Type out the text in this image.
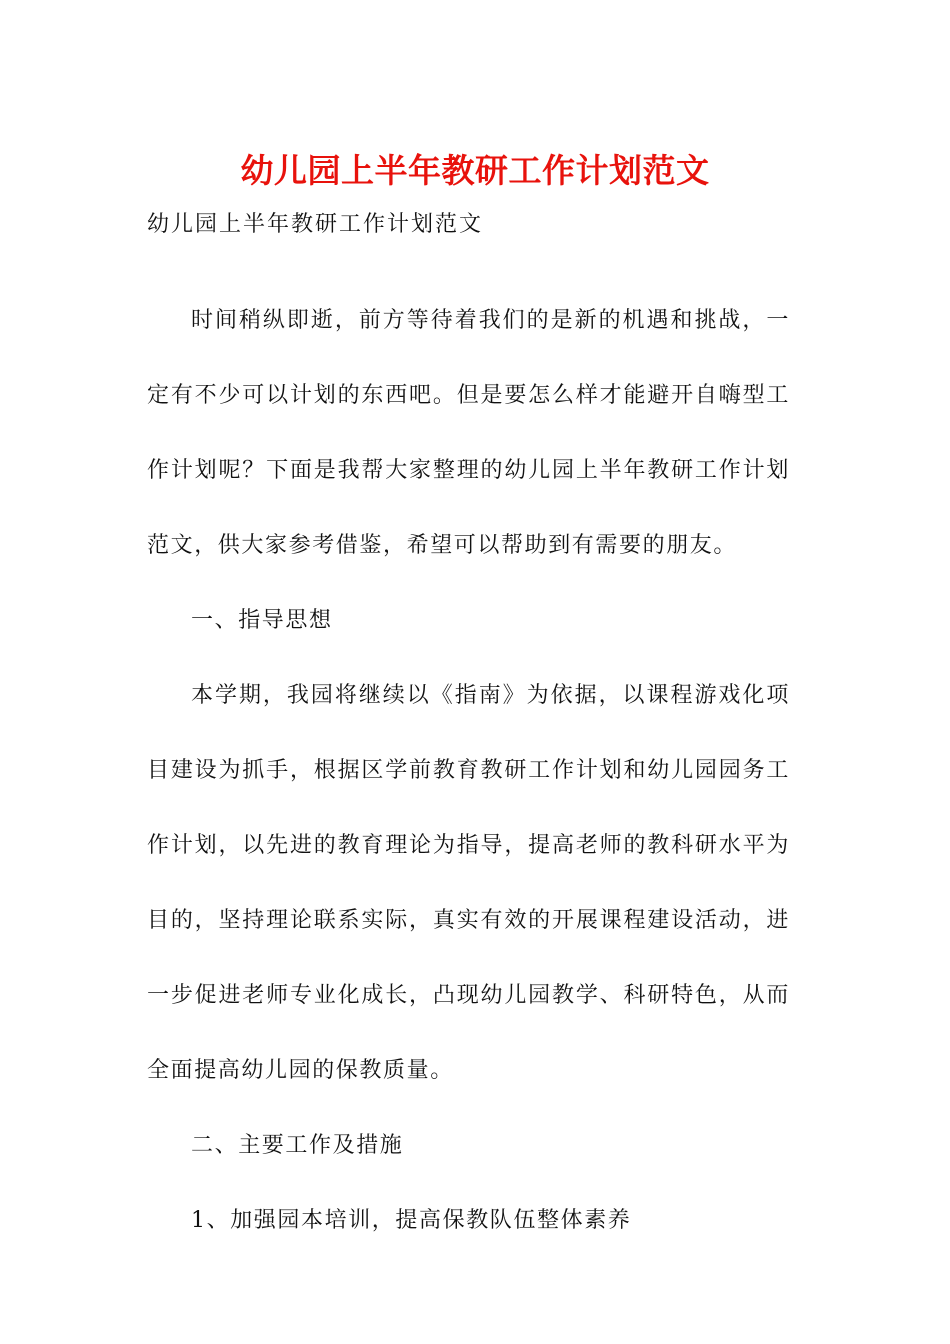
幼儿园上半年教研工作计划范文
幼儿园上半年教研工作计划范文

时间稍纵即逝，前方等待着我们的是新的机遇和挑战，一定有不少可以计划的东西吧。但是要怎么样才能避开自嗨型工作计划呢？下面是我帮大家整理的幼儿园上半年教研工作计划范文，供大家参考借鉴，希望可以帮助到有需要的朋友。

一、指导思想

本学期，我园将继续以《指南》为依据，以课程游戏化项目建设为抓手，根据区学前教育教研工作计划和幼儿园园务工作计划，以先进的教育理论为指导，提高老师的教科研水平为目的，坚持理论联系实际，真实有效的开展课程建设活动，进一步促进老师专业化成长，凸现幼儿园教学、科研特色，从而全面提高幼儿园的保教质量。

二、主要工作及措施

1、加强园本培训，提高保教队伍整体素养
